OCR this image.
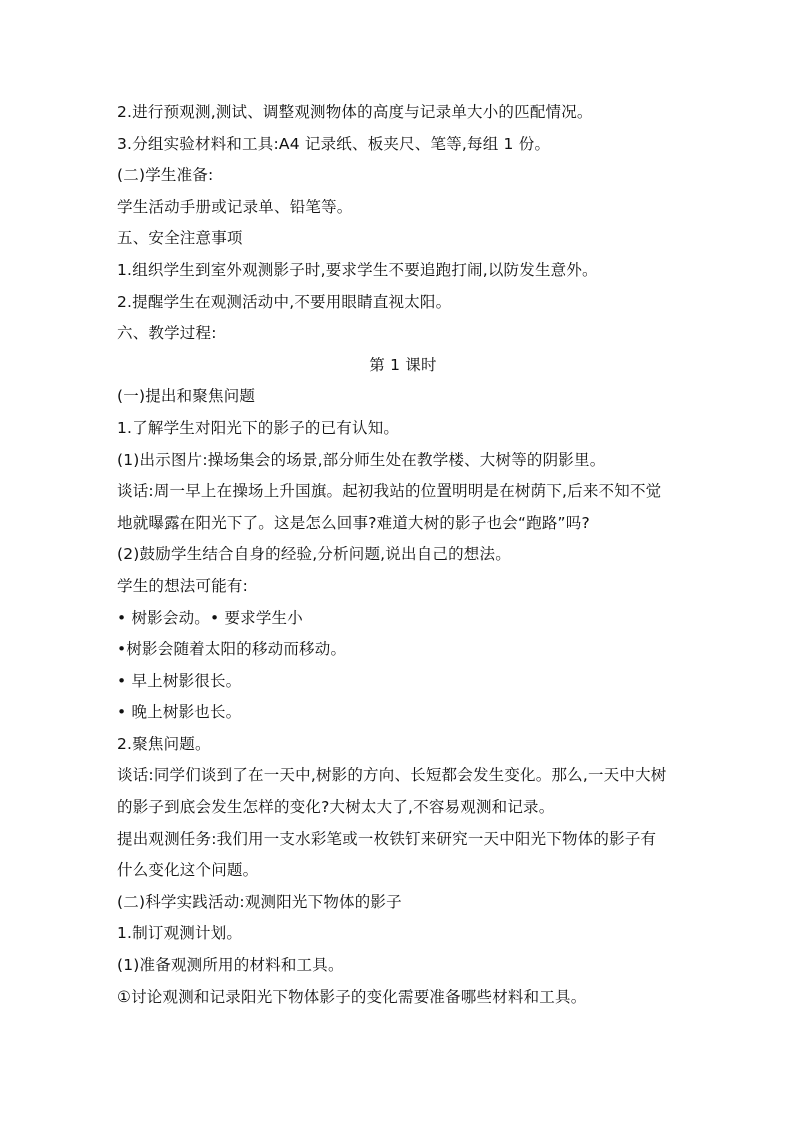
2.进行预观测,测试、调整观测物体的高度与记录单大小的匹配情况。
3.分组实验材料和工具:A4 记录纸、板夹尺、笔等,每组 1 份。
(二)学生准备:
学生活动手册或记录单、铅笔等。
五、安全注意事项
1.组织学生到室外观测影子时,要求学生不要追跑打闹,以防发生意外。
2.提醒学生在观测活动中,不要用眼睛直视太阳。
六、教学过程:
第 1 课时
(一)提出和聚焦问题
1.了解学生对阳光下的影子的已有认知。
(1)出示图片:操场集会的场景,部分师生处在教学楼、大树等的阴影里。
谈话:周一早上在操场上升国旗。起初我站的位置明明是在树荫下,后来不知不觉
地就曝露在阳光下了。这是怎么回事?难道大树的影子也会“跑路”吗?
(2)鼓励学生结合自身的经验,分析问题,说出自己的想法。
学生的想法可能有:
• 树影会动。• 要求学生小
•树影会随着太阳的移动而移动。
• 早上树影很长。
• 晚上树影也长。
2.聚焦问题。
谈话:同学们谈到了在一天中,树影的方向、长短都会发生变化。那么,一天中大树
的影子到底会发生怎样的变化?大树太大了,不容易观测和记录。
提出观测任务:我们用一支水彩笔或一枚铁钉来研究一天中阳光下物体的影子有
什么变化这个问题。
(二)科学实践活动:观测阳光下物体的影子
1.制订观测计划。
(1)准备观测所用的材料和工具。
①讨论观测和记录阳光下物体影子的变化需要准备哪些材料和工具。
